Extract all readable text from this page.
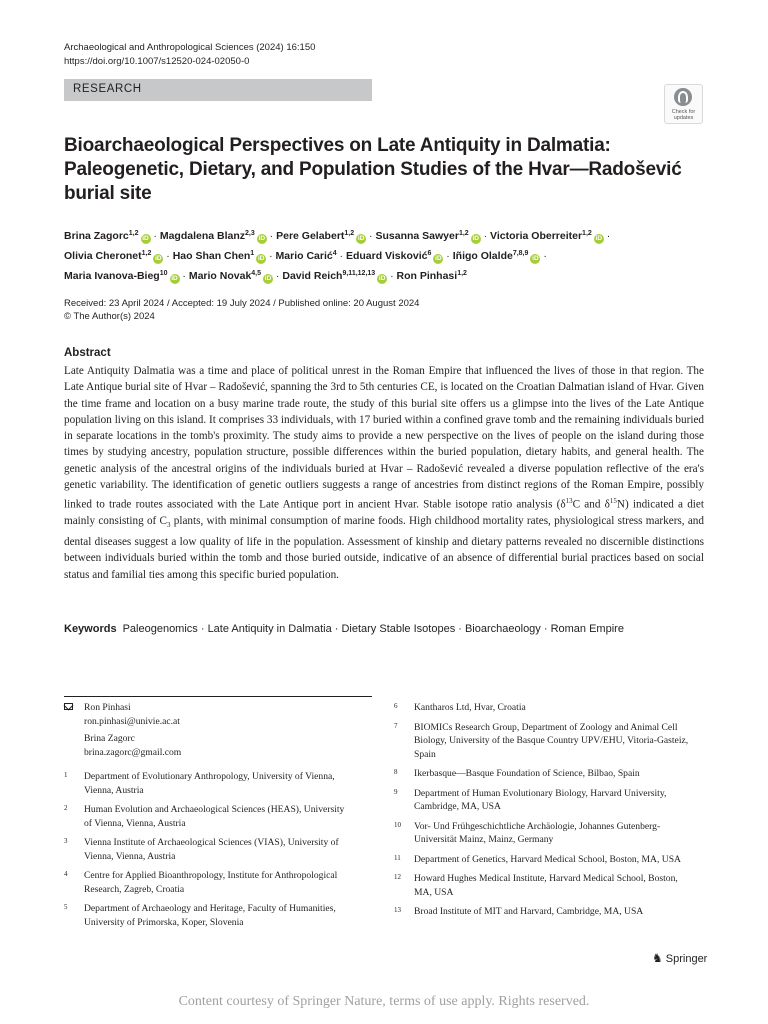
Archaeological and Anthropological Sciences (2024) 16:150
https://doi.org/10.1007/s12520-024-02050-0
RESEARCH
Check for
updates
Bioarchaeological Perspectives on Late Antiquity in Dalmatia: Paleogenetic, Dietary, and Population Studies of the Hvar—Radošević burial site
Brina Zagorc$^{1,2}$iD · Magdalena Blanz$^{2,3}$iD · Pere Gelabert$^{1,2}$iD · Susanna Sawyer$^{1,2}$iD · Victoria Oberreiter$^{1,2}$iD ·
Olivia Cheronet$^{1,2}$iD · Hao Shan Chen$^1$iD · Mario Carić$^4$ · Eduard Visković$^6$iD · Iñigo Olalde$^{7,8,9}$iD ·
Maria Ivanova-Bieg$^{10}$iD · Mario Novak$^{4,5}$iD · David Reich$^{9,11,12,13}$iD · Ron Pinhasi$^{1,2}$
Received: 23 April 2024 / Accepted: 19 July 2024 / Published online: 20 August 2024
© The Author(s) 2024
Abstract
Late Antiquity Dalmatia was a time and place of political unrest in the Roman Empire that influenced the lives of those in that region. The Late Antique burial site of Hvar – Radošević, spanning the 3rd to 5th centuries CE, is located on the Croatian Dalmatian island of Hvar. Given the time frame and location on a busy marine trade route, the study of this burial site offers us a glimpse into the lives of the Late Antique population living on this island. It comprises 33 individuals, with 17 buried within a confined grave tomb and the remaining individuals buried in separate locations in the tomb's proximity. The study aims to provide a new perspective on the lives of people on the island during those times by studying ancestry, population structure, possible differences within the buried population, dietary habits, and general health. The genetic analysis of the ancestral origins of the individuals buried at Hvar – Radošević revealed a diverse population reflective of the era's genetic variability. The identification of genetic outliers suggests a range of ancestries from distinct regions of the Roman Empire, possibly linked to trade routes associated with the Late Antique port in ancient Hvar. Stable isotope ratio analysis ($\delta^{13}C$ and $\delta^{15}N$) indicated a diet mainly consisting of $C_3$ plants, with minimal consumption of marine foods. High childhood mortality rates, physiological stress markers, and dental diseases suggest a low quality of life in the population. Assessment of kinship and dietary patterns revealed no discernible distinctions between individuals buried within the tomb and those buried outside, indicative of an absence of differential burial practices based on social status and familial ties among this specific buried population.
Keywords Paleogenomics · Late Antiquity in Dalmatia · Dietary Stable Isotopes · Bioarchaeology · Roman Empire
Ron Pinhasi
ron.pinhasi@univie.ac.at
Brina Zagorc
brina.zagorc@gmail.com
1 Department of Evolutionary Anthropology, University of Vienna, Vienna, Austria
2 Human Evolution and Archaeological Sciences (HEAS), University of Vienna, Vienna, Austria
3 Vienna Institute of Archaeological Sciences (VIAS), University of Vienna, Vienna, Austria
4 Centre for Applied Bioanthropology, Institute for Anthropological Research, Zagreb, Croatia
5 Department of Archaeology and Heritage, Faculty of Humanities, University of Primorska, Koper, Slovenia
6 Kantharos Ltd, Hvar, Croatia
7 BIOMICs Research Group, Department of Zoology and Animal Cell Biology, University of the Basque Country UPV/EHU, Vitoria-Gasteiz, Spain
8 Ikerbasque—Basque Foundation of Science, Bilbao, Spain
9 Department of Human Evolutionary Biology, Harvard University, Cambridge, MA, USA
10 Vor- Und Frühgeschichtliche Archäologie, Johannes Gutenberg-Universität Mainz, Mainz, Germany
11 Department of Genetics, Harvard Medical School, Boston, MA, USA
12 Howard Hughes Medical Institute, Harvard Medical School, Boston, MA, USA
13 Broad Institute of MIT and Harvard, Cambridge, MA, USA
♞ Springer
Content courtesy of Springer Nature, terms of use apply. Rights reserved.
